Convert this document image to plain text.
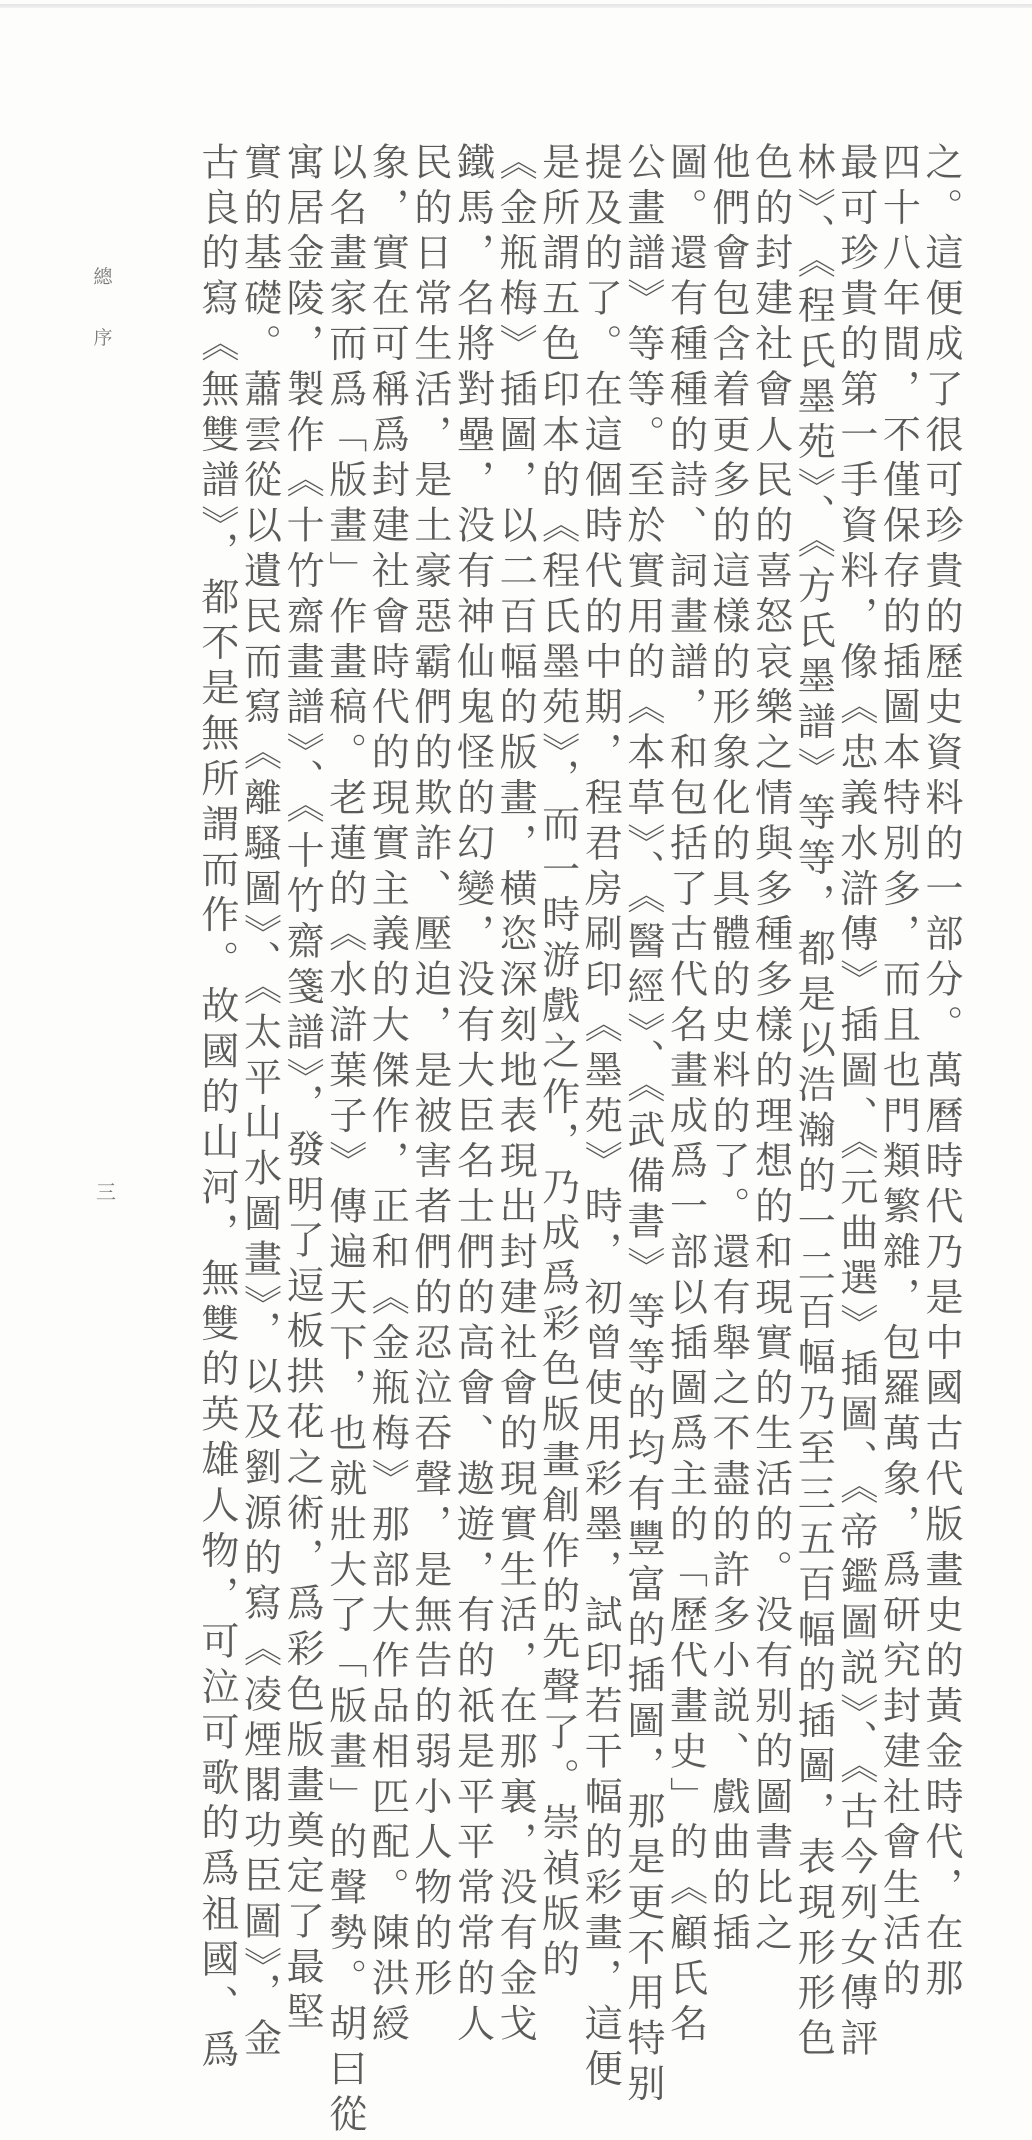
總
序
三	之。這便成了很可珍貴的歷史資料的一部分。萬曆時代乃是中國古代版畫史的黃金時代，在那
四十八年間，不僅保存的插圖本特別多，而且也門類繁雜，包羅萬象，爲研究封建社會生活的
最可珍貴的第一手資料，像《忠義水滸傳》插圖、《元曲選》插圖、《帝鑑圖説》、《古今列女傳評
林》、《程氏墨苑》、《方氏墨譜》等等，都是以浩瀚的一二百幅乃至三五百幅的插圖，表現形形色
色的封建社會人民的喜怒哀樂之情與多種多樣的理想的和現實的生活的。没有别的圖書比之
他們會包含着更多的這樣的形象化的具體的史料的了。還有舉之不盡的許多小説、戲曲的插
圖。還有種種的詩、詞畫譜，和包括了古代名畫成爲一部以插圖爲主的「歷代畫史」的《顧氏名
公畫譜》等等。至於實用的《本草》、《醫經》、《武備書》等等的均有豐富的插圖，那是更不用特别
提及的了。在這個時代的中期，程君房刷印《墨苑》時，初曾使用彩墨，試印若干幅的彩畫，這便
是所謂五色印本的《程氏墨苑》，而一時游戲之作，乃成爲彩色版畫創作的先聲了。崇禎版的
《金瓶梅》插圖，以二百幅的版畫，横恣深刻地表現出封建社會的現實生活，在那裏，没有金戈
鐵馬，名將對壘，没有神仙鬼怪的幻變，没有大臣名士們的高會、遨遊，有的祇是平平常常的人
民的日常生活，是土豪惡霸們的欺詐、壓迫，是被害者們的忍泣吞聲，是無告的弱小人物的形
象，實在可稱爲封建社會時代的現實主義的大傑作，正和《金瓶梅》那部大作品相匹配。陳洪綬
以名畫家而爲「版畫」作畫稿。老蓮的《水滸葉子》傳遍天下，也就壯大了「版畫」的聲勢。胡曰從
寓居金陵，製作《十竹齋畫譜》、《十竹齋箋譜》，發明了逗板拱花之術，爲彩色版畫奠定了最堅
實的基礎。蕭雲從以遺民而寫《離騷圖》、《太平山水圖畫》，以及劉源的寫《凌煙閣功臣圖》，金
古良的寫《無雙譜》，都不是無所謂而作。故國的山河，無雙的英雄人物，可泣可歌的爲祖國、爲
